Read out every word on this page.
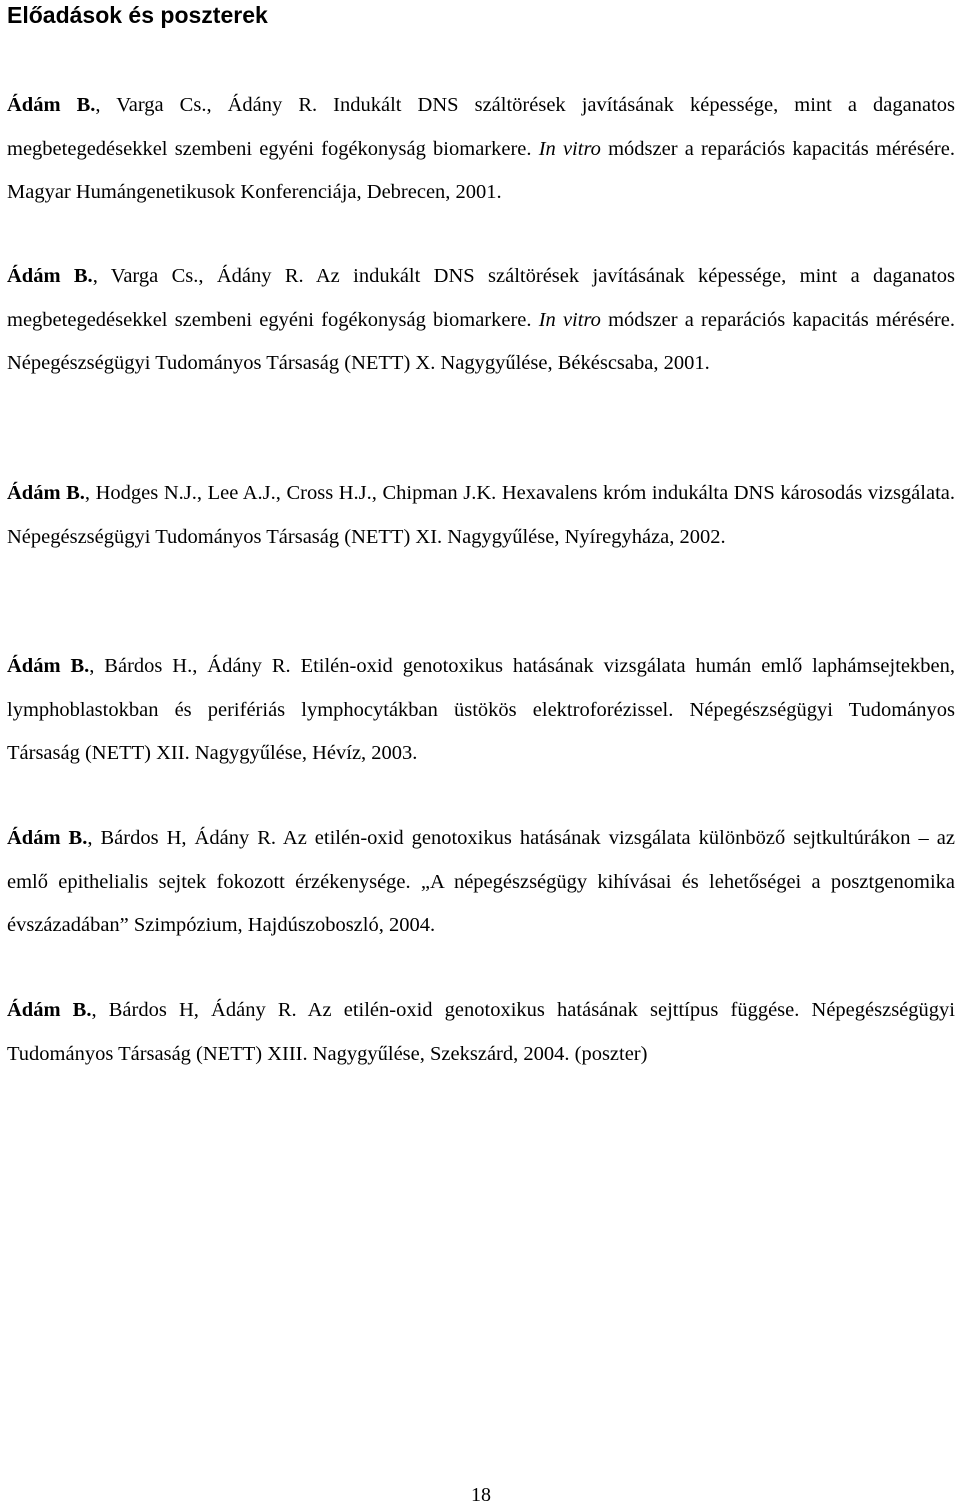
Előadások és poszterek

Ádám B., Varga Cs., Ádány R. Indukált DNS száltörések javításának képessége, mint a daganatos megbetegedésekkel szembeni egyéni fogékonyság biomarkere. In vitro módszer a reparációs kapacitás mérésére. Magyar Humángenetikusok Konferenciája, Debrecen, 2001.

Ádám B., Varga Cs., Ádány R. Az indukált DNS száltörések javításának képessége, mint a daganatos megbetegedésekkel szembeni egyéni fogékonyság biomarkere. In vitro módszer a reparációs kapacitás mérésére. Népegészségügyi Tudományos Társaság (NETT) X. Nagygyűlése, Békéscsaba, 2001.

Ádám B., Hodges N.J., Lee A.J., Cross H.J., Chipman J.K. Hexavalens króm indukálta DNS károsodás vizsgálata. Népegészségügyi Tudományos Társaság (NETT) XI. Nagygyűlése, Nyíregyháza, 2002.

Ádám B., Bárdos H., Ádány R. Etilén-oxid genotoxikus hatásának vizsgálata humán emlő laphámsejtekben, lymphoblastokban és perifériás lymphocytákban üstökös elektroforézissel. Népegészségügyi Tudományos Társaság (NETT) XII. Nagygyűlése, Hévíz, 2003.

Ádám B., Bárdos H, Ádány R. Az etilén-oxid genotoxikus hatásának vizsgálata különböző sejtkultúrákon – az emlő epithelialis sejtek fokozott érzékenysége. „A népegészségügy kihívásai és lehetőségei a posztgenomika évszázadában” Szimpózium, Hajdúszoboszló, 2004.

Ádám B., Bárdos H, Ádány R. Az etilén-oxid genotoxikus hatásának sejttípus függése. Népegészségügyi Tudományos Társaság (NETT) XIII. Nagygyűlése, Szekszárd, 2004. (poszter)

18
